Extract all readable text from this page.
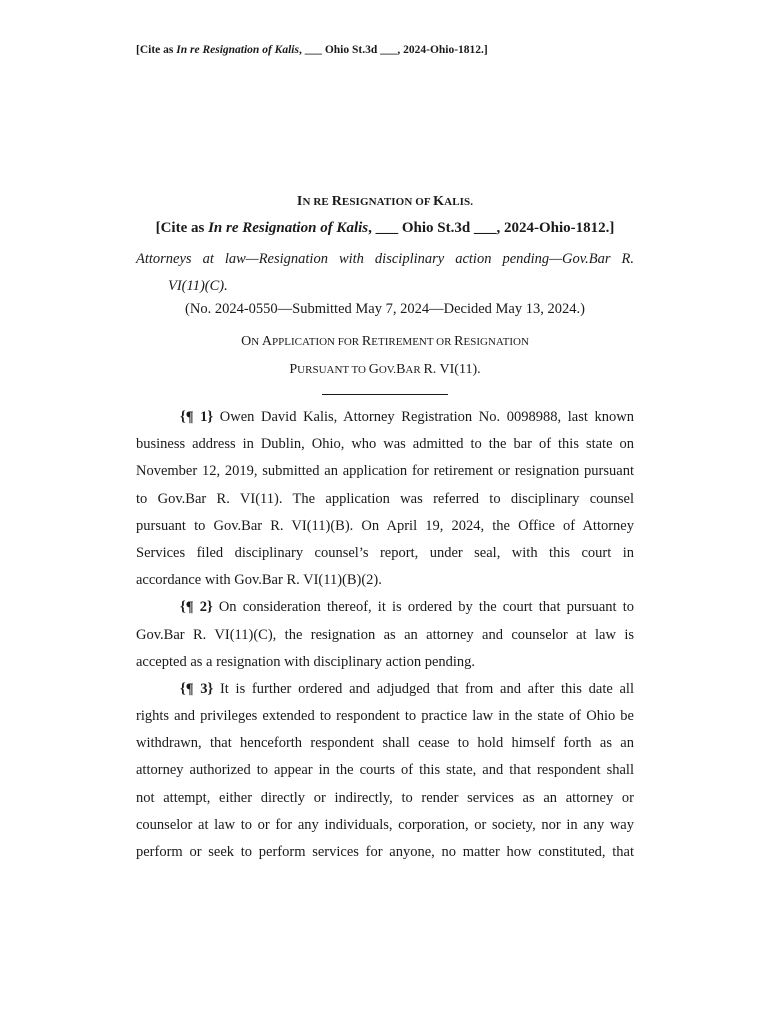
[Cite as In re Resignation of Kalis, ___ Ohio St.3d ___, 2024-Ohio-1812.]
IN RE RESIGNATION OF KALIS.
[Cite as In re Resignation of Kalis, ___ Ohio St.3d ___, 2024-Ohio-1812.]
Attorneys at law—Resignation with disciplinary action pending—Gov.Bar R.
VI(11)(C).
(No. 2024-0550—Submitted May 7, 2024—Decided May 13, 2024.)
ON APPLICATION FOR RETIREMENT OR RESIGNATION
PURSUANT TO GOV.BAR R. VI(11).
{¶ 1} Owen David Kalis, Attorney Registration No. 0098988, last known
business address in Dublin, Ohio, who was admitted to the bar of this state on
November 12, 2019, submitted an application for retirement or resignation pursuant
to Gov.Bar R. VI(11). The application was referred to disciplinary counsel
pursuant to Gov.Bar R. VI(11)(B). On April 19, 2024, the Office of Attorney
Services filed disciplinary counsel’s report, under seal, with this court in
accordance with Gov.Bar R. VI(11)(B)(2).
{¶ 2} On consideration thereof, it is ordered by the court that pursuant to
Gov.Bar R. VI(11)(C), the resignation as an attorney and counselor at law is
accepted as a resignation with disciplinary action pending.
{¶ 3} It is further ordered and adjudged that from and after this date all
rights and privileges extended to respondent to practice law in the state of Ohio be
withdrawn, that henceforth respondent shall cease to hold himself forth as an
attorney authorized to appear in the courts of this state, and that respondent shall
not attempt, either directly or indirectly, to render services as an attorney or
counselor at law to or for any individuals, corporation, or society, nor in any way
perform or seek to perform services for anyone, no matter how constituted, that
